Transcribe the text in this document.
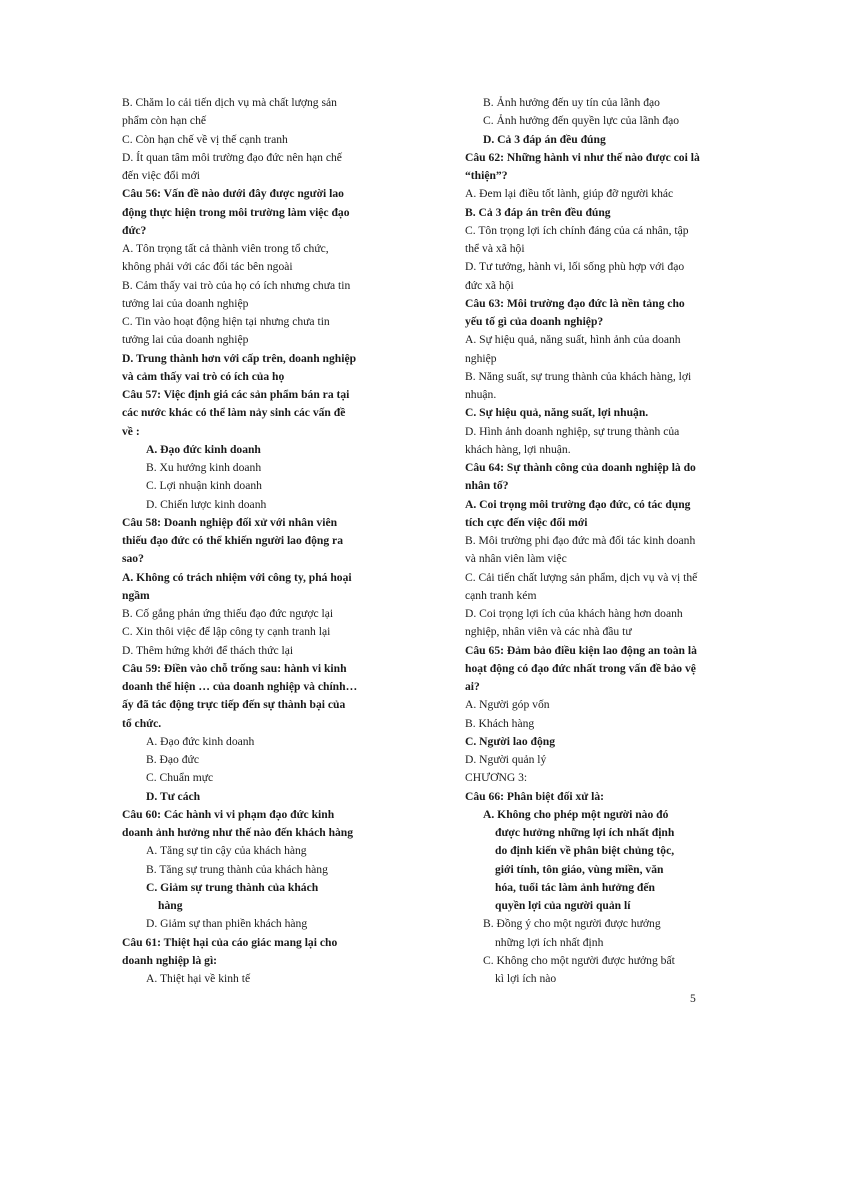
B. Chăm lo cải tiến dịch vụ mà chất lượng sản
phẩm còn hạn chế
C. Còn hạn chế về vị thế cạnh tranh
D. Ít quan tâm môi trường đạo đức nên hạn chế
đến việc đổi mới
Câu 56: Vấn đề nào dưới đây được người lao
động thực hiện trong môi trường làm việc đạo
đức?
A. Tôn trọng tất cả thành viên trong tổ chức,
không phải với các đối tác bên ngoài
B. Cảm thấy vai trò của họ có ích nhưng chưa tin
tưởng lai của doanh nghiệp
C. Tin vào hoạt động hiện tại nhưng chưa tin
tưởng lai của doanh nghiệp
D. Trung thành hơn với cấp trên, doanh nghiệp
và cảm thấy vai trò có ích của họ
Câu 57: Việc định giá các sản phẩm bán ra tại
các nước khác có thể làm nảy sinh các vấn đề
về :
A. Đạo đức kinh doanh
B. Xu hướng kinh doanh
C. Lợi nhuận kinh doanh
D. Chiến lược kinh doanh
Câu 58: Doanh nghiệp đối xử với nhân viên
thiếu đạo đức có thể khiến người lao động ra
sao?
A. Không có trách nhiệm với công ty, phá hoại
ngầm
B. Cố gắng phản ứng thiếu đạo đức ngược lại
C. Xin thôi việc để lập công ty cạnh tranh lại
D. Thêm hứng khởi để thách thức lại
Câu 59: Điền vào chỗ trống sau: hành vi kinh
doanh thể hiện … của doanh nghiệp và chính…
ấy đã tác động trực tiếp đến sự thành bại của
tổ chức.
A. Đạo đức kinh doanh
B. Đạo đức
C. Chuẩn mực
D. Tư cách
Câu 60: Các hành vi vi phạm đạo đức kinh
doanh ảnh hưởng như thế nào đến khách hàng
A. Tăng sự tin cậy của khách hàng
B. Tăng sự trung thành của khách hàng
C. Giảm sự trung thành của khách
hàng
D. Giảm sự than phiền khách hàng
Câu 61: Thiệt hại của cáo giác mang lại cho
doanh nghiệp là gì:
A. Thiệt hại về kinh tế
B. Ảnh hưởng đến uy tín của lãnh đạo
C. Ảnh hưởng đến quyền lực của lãnh đạo
D. Cả 3 đáp án đều đúng
Câu 62: Những hành vi như thế nào được coi là
“thiện”?
A. Đem lại điều tốt lành, giúp đỡ người khác
B. Cả 3 đáp án trên đều đúng
C. Tôn trọng lợi ích chính đáng của cá nhân, tập
thể và xã hội
D. Tư tưởng, hành vi, lối sống phù hợp với đạo
đức xã hội
Câu 63: Môi trường đạo đức là nền tảng cho
yếu tố gì của doanh nghiệp?
A. Sự hiệu quả, năng suất, hình ảnh của doanh
nghiệp
B. Năng suất, sự trung thành của khách hàng, lợi
nhuận.
C. Sự hiệu quả, năng suất, lợi nhuận.
D. Hình ảnh doanh nghiệp, sự trung thành của
khách hàng, lợi nhuận.
Câu 64: Sự thành công của doanh nghiệp là do
nhân tố?
A. Coi trọng môi trường đạo đức, có tác dụng
tích cực đến việc đổi mới
B. Môi trường phi đạo đức mà đối tác kinh doanh
và nhân viên làm việc
C. Cải tiến chất lượng sản phẩm, dịch vụ và vị thế
cạnh tranh kém
D. Coi trọng lợi ích của khách hàng hơn doanh
nghiệp, nhân viên và các nhà đầu tư
Câu 65: Đảm bảo điều kiện lao động an toàn là
hoạt động có đạo đức nhất trong vấn đề bảo vệ
ai?
A. Người góp vốn
B. Khách hàng
C. Người lao động
D. Người quản lý
CHƯƠNG 3:
Câu 66: Phân biệt đối xử là:
A. Không cho phép một người nào đó
được hưởng những lợi ích nhất định
do định kiến về phân biệt chủng tộc,
giới tính, tôn giáo, vùng miền, văn
hóa, tuổi tác làm ảnh hưởng đến
quyền lợi của người quản lí
B. Đồng ý cho một người được hưởng
những lợi ích nhất định
C. Không cho một người được hưởng bất
kì lợi ích nào
5
